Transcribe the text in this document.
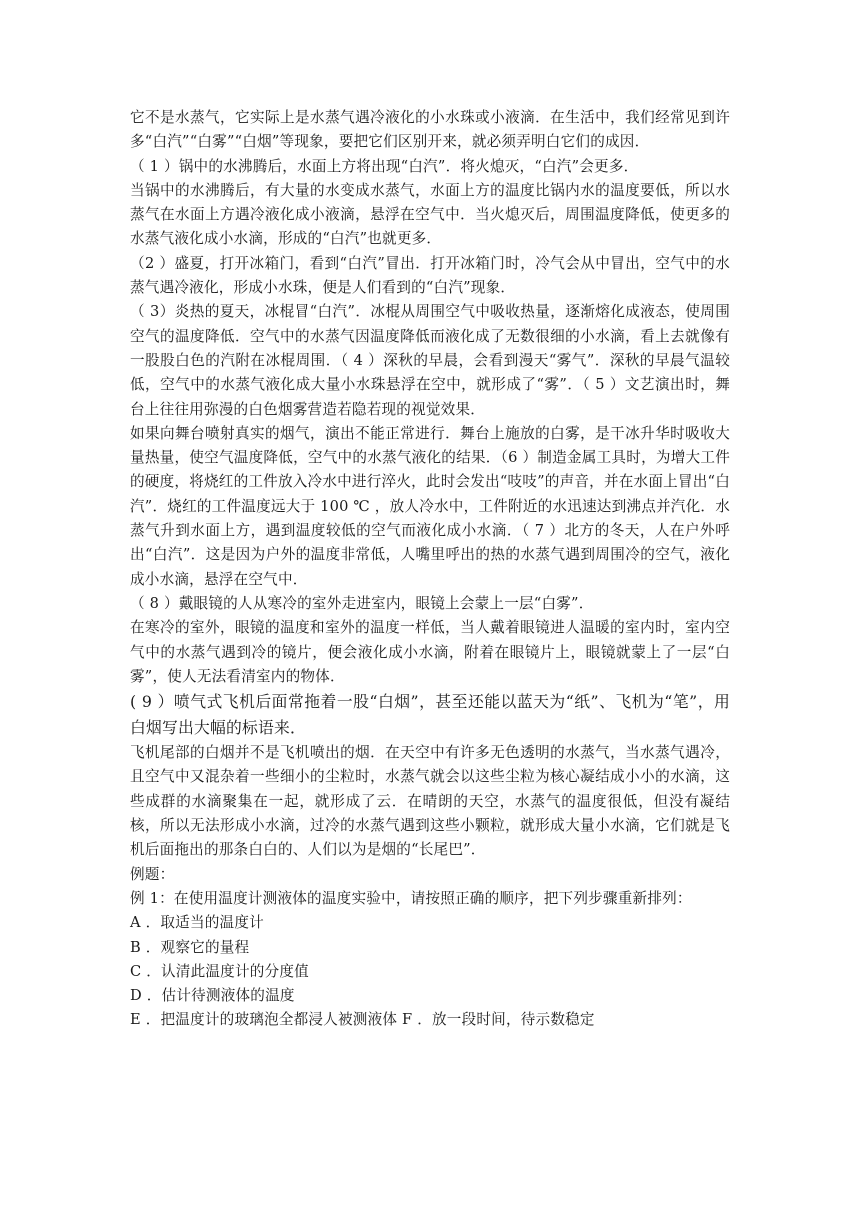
它不是水蒸气，它实际上是水蒸气遇冷液化的小水珠或小液滴．在生活中，我们经常见到许多“白汽”“白雾”“白烟”等现象，要把它们区别开来，就必须弄明白它们的成因．

（ 1 ）锅中的水沸腾后，水面上方将出现“白汽”．将火熄灭，“白汽”会更多．

当锅中的水沸腾后，有大量的水变成水蒸气，水面上方的温度比锅内水的温度要低，所以水蒸气在水面上方遇冷液化成小液滴，悬浮在空气中．当火熄灭后，周围温度降低，使更多的水蒸气液化成小水滴，形成的“白汽”也就更多．

（2 ）盛夏，打开冰箱门，看到“白汽”冒出．打开冰箱门时，冷气会从中冒出，空气中的水蒸气遇冷液化，形成小水珠，便是人们看到的“白汽”现象．

（ 3）炎热的夏天，冰棍冒“白汽”．冰棍从周围空气中吸收热量，逐渐熔化成液态，使周围空气的温度降低．空气中的水蒸气因温度降低而液化成了无数很细的小水滴，看上去就像有一股股白色的汽附在冰棍周围．（ 4 ）深秋的早晨，会看到漫天“雾气”．深秋的早晨气温较低，空气中的水蒸气液化成大量小水珠悬浮在空中，就形成了“雾”．（ 5 ）文艺演出时，舞台上往往用弥漫的白色烟雾营造若隐若现的视觉效果．

如果向舞台喷射真实的烟气，演出不能正常进行．舞台上施放的白雾，是干冰升华时吸收大量热量，使空气温度降低，空气中的水蒸气液化的结果．（6 ）制造金属工具时，为增大工件的硬度，将烧红的工件放入冷水中进行淬火，此时会发出“吱吱”的声音，并在水面上冒出“白汽”．烧红的工件温度远大于 100 ℃ ，放人冷水中，工件附近的水迅速达到沸点并汽化．水蒸气升到水面上方，遇到温度较低的空气而液化成小水滴．（ 7 ）北方的冬天，人在户外呼出“白汽”．这是因为户外的温度非常低，人嘴里呼出的热的水蒸气遇到周围冷的空气，液化成小水滴，悬浮在空气中．

（ 8 ）戴眼镜的人从寒冷的室外走进室内，眼镜上会蒙上一层“白雾”．

在寒冷的室外，眼镜的温度和室外的温度一样低，当人戴着眼镜进人温暖的室内时，室内空气中的水蒸气遇到冷的镜片，便会液化成小水滴，附着在眼镜片上，眼镜就蒙上了一层“白雾”，使人无法看清室内的物体．

( 9 ）喷气式飞机后面常拖着一股“白烟”，甚至还能以蓝天为“纸”、飞机为“笔”，用白烟写出大幅的标语来．

飞机尾部的白烟并不是飞机喷出的烟．在天空中有许多无色透明的水蒸气，当水蒸气遇冷，且空气中又混杂着一些细小的尘粒时，水蒸气就会以这些尘粒为核心凝结成小小的水滴，这些成群的水滴聚集在一起，就形成了云．在晴朗的天空，水蒸气的温度很低，但没有凝结核，所以无法形成小水滴，过冷的水蒸气遇到这些小颗粒，就形成大量小水滴，它们就是飞机后面拖出的那条白白的、人们以为是烟的“长尾巴”．

例题：

例 1：在使用温度计测液体的温度实验中，请按照正确的顺序，把下列步骤重新排列：

A ．取适当的温度计

B ．观察它的量程

C ．认清此温度计的分度值

D ．估计待测液体的温度

E ．把温度计的玻璃泡全都浸人被测液体 F ．放一段时间，待示数稳定
